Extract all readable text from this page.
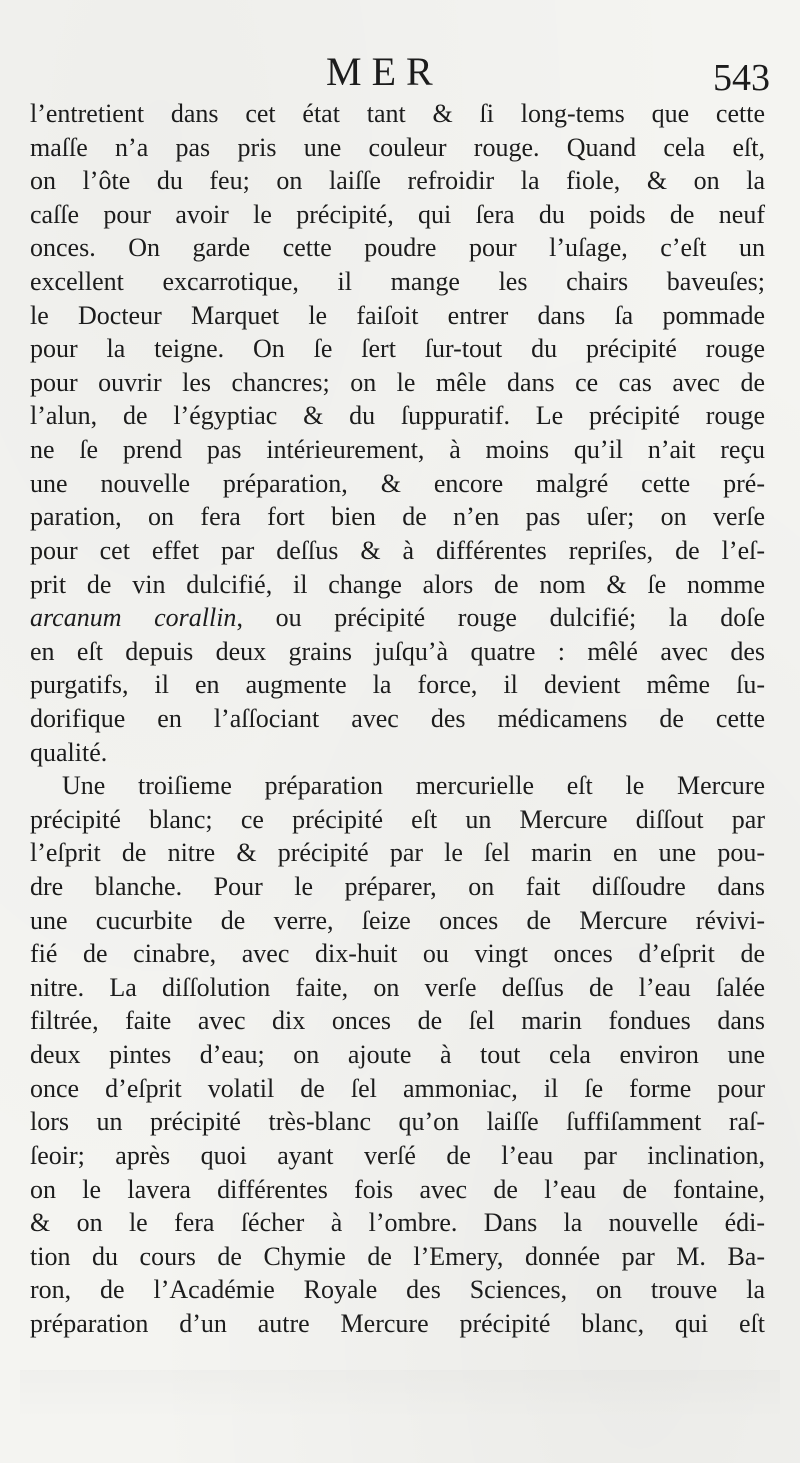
MER	543
l’entretient dans cet état tant & ſi long-tems que cette
maſſe n’a pas pris une couleur rouge. Quand cela eſt,
on l’ôte du feu; on laiſſe refroidir la fiole, & on la
caſſe pour avoir le précipité, qui ſera du poids de neuf
onces. On garde cette poudre pour l’uſage, c’eſt un
excellent excarrotique, il mange les chairs baveuſes;
le Docteur Marquet le faiſoit entrer dans ſa pommade
pour la teigne. On ſe ſert ſur-tout du précipité rouge
pour ouvrir les chancres; on le mêle dans ce cas avec de
l’alun, de l’égyptiac & du ſuppuratif. Le précipité rouge
ne ſe prend pas intérieurement, à moins qu’il n’ait reçu
une nouvelle préparation, & encore malgré cette pré-
paration, on fera fort bien de n’en pas uſer; on verſe
pour cet effet par deſſus & à différentes repriſes, de l’eſ-
prit de vin dulcifié, il change alors de nom & ſe nomme
arcanum corallin, ou précipité rouge dulcifié; la doſe
en eſt depuis deux grains juſqu’à quatre : mêlé avec des
purgatifs, il en augmente la force, il devient même ſu-
dorifique en l’aſſociant avec des médicamens de cette
qualité.
Une troiſieme préparation mercurielle eſt le Mercure
précipité blanc; ce précipité eſt un Mercure diſſout par
l’eſprit de nitre & précipité par le ſel marin en une pou-
dre blanche. Pour le préparer, on fait diſſoudre dans
une cucurbite de verre, ſeize onces de Mercure révivi-
fié de cinabre, avec dix-huit ou vingt onces d’eſprit de
nitre. La diſſolution faite, on verſe deſſus de l’eau ſalée
filtrée, faite avec dix onces de ſel marin fondues dans
deux pintes d’eau; on ajoute à tout cela environ une
once d’eſprit volatil de ſel ammoniac, il ſe forme pour
lors un précipité très-blanc qu’on laiſſe ſuffiſamment raſ-
ſeoir; après quoi ayant verſé de l’eau par inclination,
on le lavera différentes fois avec de l’eau de fontaine,
& on le fera ſécher à l’ombre. Dans la nouvelle édi-
tion du cours de Chymie de l’Emery, donnée par M. Ba-
ron, de l’Académie Royale des Sciences, on trouve la
préparation d’un autre Mercure précipité blanc, qui eſt
